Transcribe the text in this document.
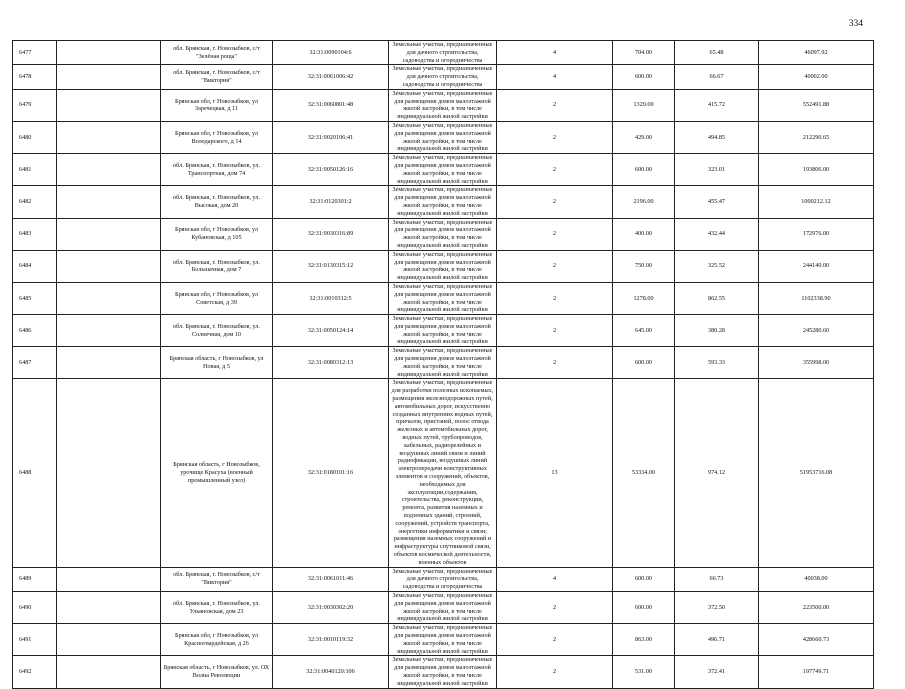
334
6477		обл. Брянская, г. Новозыбков, с/т "Зелёная роща"	32:31:0090104:6	Земельные участки, предназначенные для дачного строительства, садоводства и огородничества	4	704.00	65.48	46097.92
6478		обл. Брянская, г. Новозыбков, с/т "Виктория"	32:31:0061006:42	Земельные участки, предназначенные для дачного строительства, садоводства и огородничества	4	600.00	66.67	40002.00
6479		Брянская обл, г Новозыбков, ул Заречецкая, д 11	32:31:0060801:48	Земельные участки, предназначенные для размещения домов малоэтажной жилой застройки, в том числе индивидуальной жилой застройки	2	1329.00	415.72	552491.88
6480		Брянская обл, г Новозыбков, ул Володарского, д 14	32:31:0020106:41	Земельные участки, предназначенные для размещения домов малоэтажной жилой застройки, в том числе индивидуальной жилой застройки	2	429.00	494.85	212290.65
6481		обл. Брянская, г. Новозыбков, ул. Транспортная, дом 74	32:31:0050126:16	Земельные участки, предназначенные для размещения домов малоэтажной жилой застройки, в том числе индивидуальной жилой застройки	2	600.00	323.01	193806.00
6482		обл. Брянская, г. Новозыбков, ул. Высокая, дом 20	32:31:0120301:2	Земельные участки, предназначенные для размещения домов малоэтажной жилой застройки, в том числе индивидуальной жилой застройки	2	2196.00	455.47	1000212.12
6483		Брянская обл, г Новозыбков, ул Кубановская, д 105	32:31:0030316:89	Земельные участки, предназначенные для размещения домов малоэтажной жилой застройки, в том числе индивидуальной жилой застройки	2	400.00	432.44	172976.00
6484		обл. Брянская, г. Новозыбков, ул. Большачная, дом 7	32:31:0130315:12	Земельные участки, предназначенные для размещения домов малоэтажной жилой застройки, в том числе индивидуальной жилой застройки	2	750.00	325.52	244140.00
6485		Брянская обл, г Новозыбков, ул Советская, д 39	32:31:0010312:5	Земельные участки, предназначенные для размещения домов малоэтажной жилой застройки, в том числе индивидуальной жилой застройки	2	1278.00	862.55	1102338.90
6486		обл. Брянская, г. Новозыбков, ул. Солнечная, дом 10	32:31:0050124:14	Земельные участки, предназначенные для размещения домов малоэтажной жилой застройки, в том числе индивидуальной жилой застройки	2	645.00	380.28	245280.60
6487		Брянская область, г Новозыбков, ул Новая, д 5	32:31:0080312:13	Земельные участки, предназначенные для размещения домов малоэтажной жилой застройки, в том числе индивидуальной жилой застройки	2	600.00	593.33	355998.00
6488		Брянская область, г Новозыбков, урочище Красуха (военный промышленный узел)	32:31:0180101:16	Земельные участки, предназначенные для разработки полезных ископаемых, размещения железнодорожных путей, автомобильных дорог, искусственно созданных внутренних водных путей, причалов, пристаней, полос отвода железных и автомобильных дорог, водных путей, трубопроводов, кабельных, радиорелейных и воздушных линий связи и линий радиофикации, воздушных линий электропередачи конструктивных элементов и сооружений, объектов, необходимых для эксплуатации,содержания, строительства, реконструкции, ремонта, развития наземных и подземных зданий, строений, сооружений, устройств транспорта, энергетики информатики и связи; размещения наземных сооружений и инфраструктуры спутниковой связи, объектов космической деятельности, военных объектов	13	53334.00	974.12	51953716.08
6489		обл. Брянская, г. Новозыбков, с/т "Виктория"	32:31:0061011:46	Земельные участки, предназначенные для дачного строительства, садоводства и огородничества	4	600.00	66.73	40038.00
6490		обл. Брянская, г. Новозыбков, ул. Ульяновская, дом 23	32:31:0030302:20	Земельные участки, предназначенные для размещения домов малоэтажной жилой застройки, в том числе индивидуальной жилой застройки	2	600.00	372.50	223500.00
6491		Брянская обл, г Новозыбков, ул Красногвардейская, д 26	32:31:0010119:32	Земельные участки, предназначенные для размещения домов малоэтажной жилой застройки, в том числе индивидуальной жилой застройки	2	863.00	496.71	428660.73
6492		Брянская область, г Новозыбков, ул. ОХ Волна Революции	32:31:0040120:106	Земельные участки, предназначенные для размещения домов малоэтажной жилой застройки, в том числе индивидуальной жилой застройки	2	531.00	372.41	197749.71
